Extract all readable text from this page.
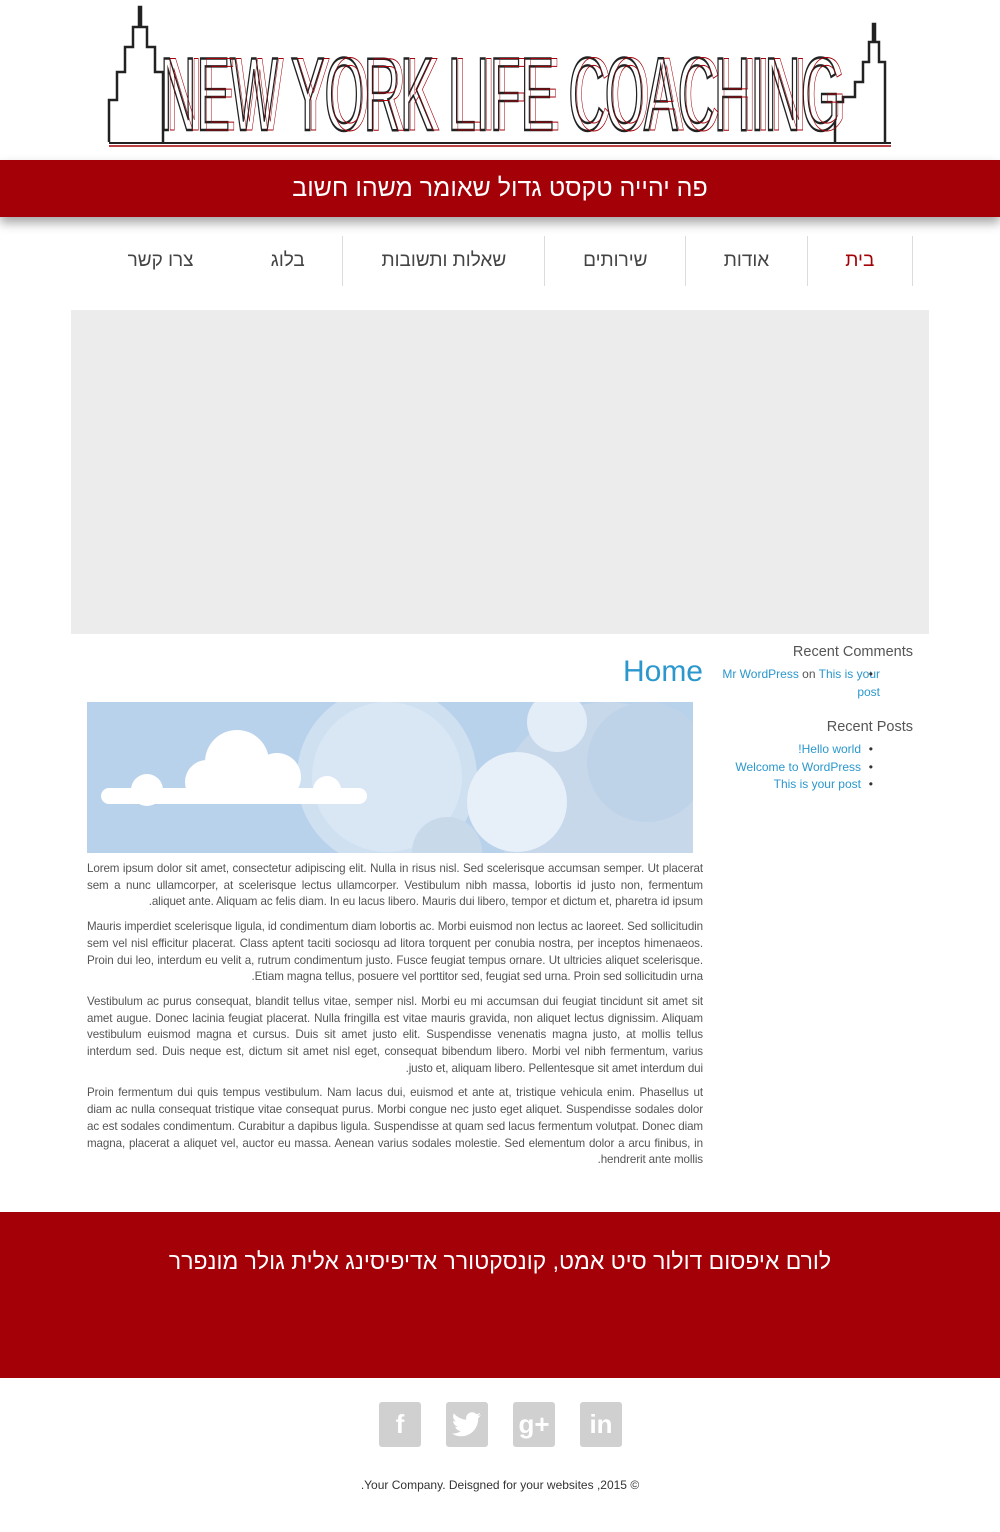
NEW YORK LIFE COACHING
NEW YORK LIFE COACHING
פה יהייה טקסט גדול שאומר משהו חשוב
בית
אודות
שירותים
שאלות ותשובות
בלוג
צרו קשר
Home

Lorem ipsum dolor sit amet, consectetur adipiscing elit. Nulla in risus nisl. Sed scelerisque accumsan semper. Ut placerat sem a nunc ullamcorper, at scelerisque lectus ullamcorper. Vestibulum nibh massa, lobortis id justo non, fermentum aliquet ante. Aliquam ac felis diam. In eu lacus libero. Mauris dui libero, tempor et dictum et, pharetra id ipsum.

Mauris imperdiet scelerisque ligula, id condimentum diam lobortis ac. Morbi euismod non lectus ac laoreet. Sed sollicitudin sem vel nisl efficitur placerat. Class aptent taciti sociosqu ad litora torquent per conubia nostra, per inceptos himenaeos. Proin dui leo, interdum eu velit a, rutrum condimentum justo. Fusce feugiat tempus ornare. Ut ultricies aliquet scelerisque. Etiam magna tellus, posuere vel porttitor sed, feugiat sed urna. Proin sed sollicitudin urna.

Vestibulum ac purus consequat, blandit tellus vitae, semper nisl. Morbi eu mi accumsan dui feugiat tincidunt sit amet sit amet augue. Donec lacinia feugiat placerat. Nulla fringilla est vitae mauris gravida, non aliquet lectus dignissim. Aliquam vestibulum euismod magna et cursus. Duis sit amet justo elit. Suspendisse venenatis magna justo, at mollis tellus interdum sed. Duis neque est, dictum sit amet nisl eget, consequat bibendum libero. Morbi vel nibh fermentum, varius justo et, aliquam libero. Pellentesque sit amet interdum dui.

Proin fermentum dui quis tempus vestibulum. Nam lacus dui, euismod et ante at, tristique vehicula enim. Phasellus ut diam ac nulla consequat tristique vitae consequat purus. Morbi congue nec justo eget aliquet. Suspendisse sodales dolor ac est sodales condimentum. Curabitur a dapibus ligula. Suspendisse at quam sed lacus fermentum volutpat. Donec diam magna, placerat a aliquet vel, auctor eu massa. Aenean varius sodales molestie. Sed elementum dolor a arcu finibus, in hendrerit ante mollis.

Recent Comments
• Mr WordPress on This is your post
Recent Posts
• Hello world!
• Welcome to WordPress
• This is your post
לורם איפסום דולור סיט אמט, קונסקטורר אדיפיסינג אלית גולר מונפרר
f	g+	in
© 2015, Your Company. Deisgned for your websites.
